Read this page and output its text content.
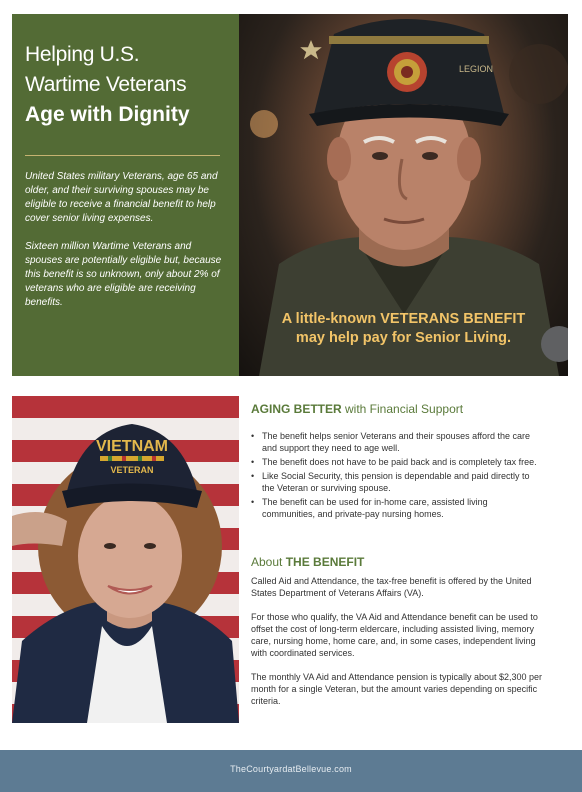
Helping U.S.
Wartime Veterans
Age with Dignity

United States military Veterans, age 65 and older, and their surviving spouses may be eligible to receive a financial benefit to help cover senior living expenses.

Sixteen million Wartime Veterans and spouses are potentially eligible but, because this benefit is so unknown, only about 2% of veterans who are eligible are receiving benefits.

LEGION
A little-known VETERANS BENEFIT
may help pay for Senior Living.
VIETNAM
VETERAN
AGING BETTER with Financial Support
• The benefit helps senior Veterans and their spouses afford the care and support they need to age well.
• The benefit does not have to be paid back and is completely tax free.
• Like Social Security, this pension is dependable and paid directly to the Veteran or surviving spouse.
• The benefit can be used for in-home care, assisted living communities, and private-pay nursing homes.
About THE BENEFIT

Called Aid and Attendance, the tax-free benefit is offered by the United States Department of Veterans Affairs (VA).

For those who qualify, the VA Aid and Attendance benefit can be used to offset the cost of long-term eldercare, including assisted living, memory care, nursing home, home care, and, in some cases, independent living with coordinated services.

The monthly VA Aid and Attendance pension is typically about $2,300 per month for a single Veteran, but the amount varies depending on specific criteria.

TheCourtyardatBellevue.com
